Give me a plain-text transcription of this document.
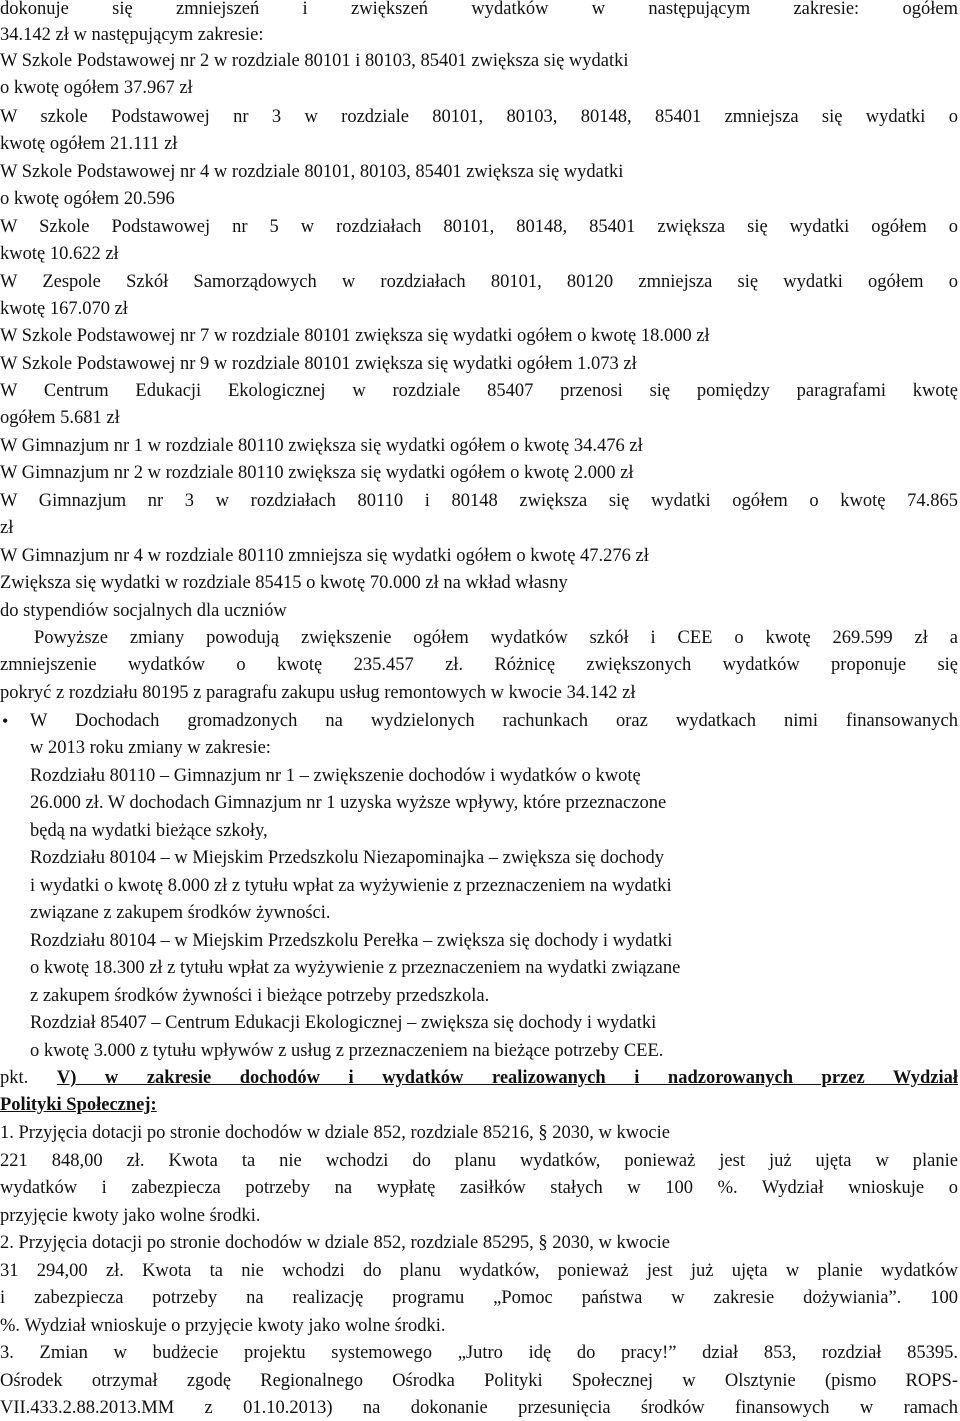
dokonuje się zmniejszeń i zwiększeń wydatków w następującym zakresie: ogółem
34.142 zł w następującym zakresie:
W Szkole Podstawowej nr 2 w rozdziale 80101 i 80103, 85401 zwiększa się wydatki
o kwotę ogółem 37.967 zł
W szkole Podstawowej nr 3 w rozdziale 80101, 80103, 80148, 85401 zmniejsza się wydatki o
kwotę ogółem 21.111 zł
W Szkole Podstawowej nr 4 w rozdziale 80101, 80103, 85401 zwiększa się wydatki
o kwotę ogółem 20.596
W Szkole Podstawowej nr 5 w rozdziałach 80101, 80148, 85401 zwiększa się wydatki ogółem o
kwotę 10.622 zł
W Zespole Szkół Samorządowych w rozdziałach 80101, 80120 zmniejsza się wydatki ogółem o
kwotę 167.070 zł
W Szkole Podstawowej nr 7 w rozdziale 80101 zwiększa się wydatki ogółem o kwotę 18.000 zł
W Szkole Podstawowej nr 9 w rozdziale 80101 zwiększa się wydatki ogółem 1.073 zł
W Centrum Edukacji Ekologicznej w rozdziale 85407 przenosi się pomiędzy paragrafami kwotę
ogółem 5.681 zł
W Gimnazjum nr 1 w rozdziale 80110 zwiększa się wydatki ogółem o kwotę 34.476 zł
W Gimnazjum nr 2 w rozdziale 80110 zwiększa się wydatki ogółem o kwotę 2.000 zł
W Gimnazjum nr 3 w rozdziałach 80110 i 80148 zwiększa się wydatki ogółem o kwotę 74.865
zł
W Gimnazjum nr 4 w rozdziale 80110 zmniejsza się wydatki ogółem o kwotę 47.276 zł
Zwiększa się wydatki w rozdziale 85415 o kwotę 70.000 zł na wkład własny
do stypendiów socjalnych dla uczniów
Powyższe zmiany powodują zwiększenie ogółem wydatków szkół i CEE o kwotę 269.599 zł a
zmniejszenie wydatków o kwotę 235.457 zł. Różnicę zwiększonych wydatków proponuje się
pokryć z rozdziału 80195 z paragrafu zakupu usług remontowych w kwocie 34.142 zł
• W Dochodach gromadzonych na wydzielonych rachunkach oraz wydatkach nimi finansowanych
w 2013 roku zmiany w zakresie:
Rozdziału 80110 – Gimnazjum nr 1 – zwiększenie dochodów i wydatków o kwotę
26.000 zł. W dochodach Gimnazjum nr 1 uzyska wyższe wpływy, które przeznaczone
będą na wydatki bieżące szkoły,
Rozdziału 80104 – w Miejskim Przedszkolu Niezapominajka – zwiększa się dochody
i wydatki o kwotę 8.000 zł z tytułu wpłat za wyżywienie z przeznaczeniem na wydatki
związane z zakupem środków żywności.
Rozdziału 80104 – w Miejskim Przedszkolu Perełka – zwiększa się dochody i wydatki
o kwotę 18.300 zł z tytułu wpłat za wyżywienie z przeznaczeniem na wydatki związane
z zakupem środków żywności i bieżące potrzeby przedszkola.
Rozdział 85407 – Centrum Edukacji Ekologicznej – zwiększa się dochody i wydatki
o kwotę 3.000 z tytułu wpływów z usług z przeznaczeniem na bieżące potrzeby CEE.
pkt. V) w zakresie dochodów i wydatków realizowanych i nadzorowanych przez Wydział
Polityki Społecznej:
1. Przyjęcia dotacji po stronie dochodów w dziale 852, rozdziale 85216, § 2030, w kwocie
221 848,00 zł. Kwota ta nie wchodzi do planu wydatków, ponieważ jest już ujęta w planie
wydatków i zabezpiecza potrzeby na wypłatę zasiłków stałych w 100 %. Wydział wnioskuje o
przyjęcie kwoty jako wolne środki.
2. Przyjęcia dotacji po stronie dochodów w dziale 852, rozdziale 85295, § 2030, w kwocie
31 294,00 zł. Kwota ta nie wchodzi do planu wydatków, ponieważ jest już ujęta w planie wydatków
i zabezpiecza potrzeby na realizację programu „Pomoc państwa w zakresie dożywiania”. 100
%. Wydział wnioskuje o przyjęcie kwoty jako wolne środki.
3. Zmian w budżecie projektu systemowego „Jutro idę do pracy!” dział 853, rozdział 85395.
Ośrodek otrzymał zgodę Regionalnego Ośrodka Polityki Społecznej w Olsztynie (pismo ROPS-
VII.433.2.88.2013.MM z 01.10.2013) na dokonanie przesunięcia środków finansowych w ramach
